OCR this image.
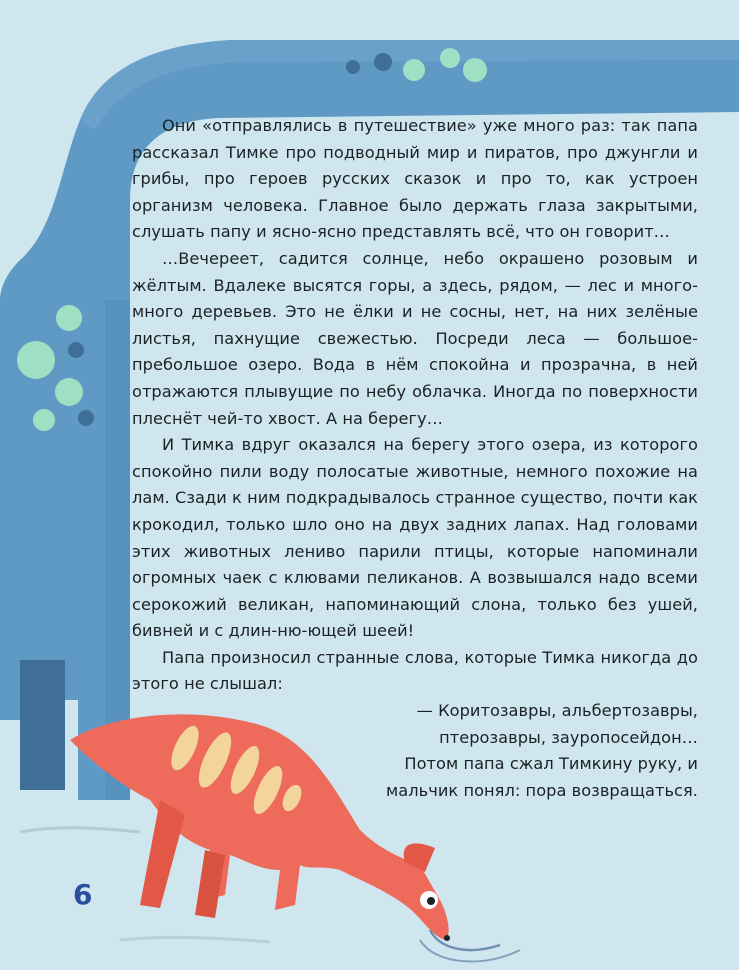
Они «отправлялись в путешествие» уже много раз: так папа рассказал Тимке про подводный мир и пиратов, про джунгли и грибы, про героев русских сказок и про то, как устроен организм человека. Главное было держать глаза закрытыми, слушать папу и ясно-ясно представлять всё, что он говорит…

…Вечереет, садится солнце, небо окрашено розовым и жёлтым. Вдалеке высятся горы, а здесь, рядом, — лес и много-много деревьев. Это не ёлки и не сосны, нет, на них зелёные листья, пахнущие свежестью. Посреди леса — большое-пребольшое озеро. Вода в нём спокойна и прозрачна, в ней отражаются плывущие по небу облачка. Иногда по поверхности плеснёт чей-то хвост. А на берегу…

И Тимка вдруг оказался на берегу этого озера, из которого спокойно пили воду полосатые животные, немного похожие на лам. Сзади к ним подкрадывалось странное существо, почти как крокодил, только шло оно на двух задних лапах. Над головами этих животных лениво парили птицы, которые напоминали огромных чаек с клювами пеликанов. А возвышался надо всеми серокожий великан, напоминающий слона, только без ушей, бивней и с длин-ню-ющей шеей!

Папа произносил странные слова, которые Тимка никогда до этого не слышал:

— Коритозавры, альбертозавры, птерозавры, зауропосейдон…

Потом папа сжал Тимкину руку, и мальчик понял: пора возвращаться.

6
